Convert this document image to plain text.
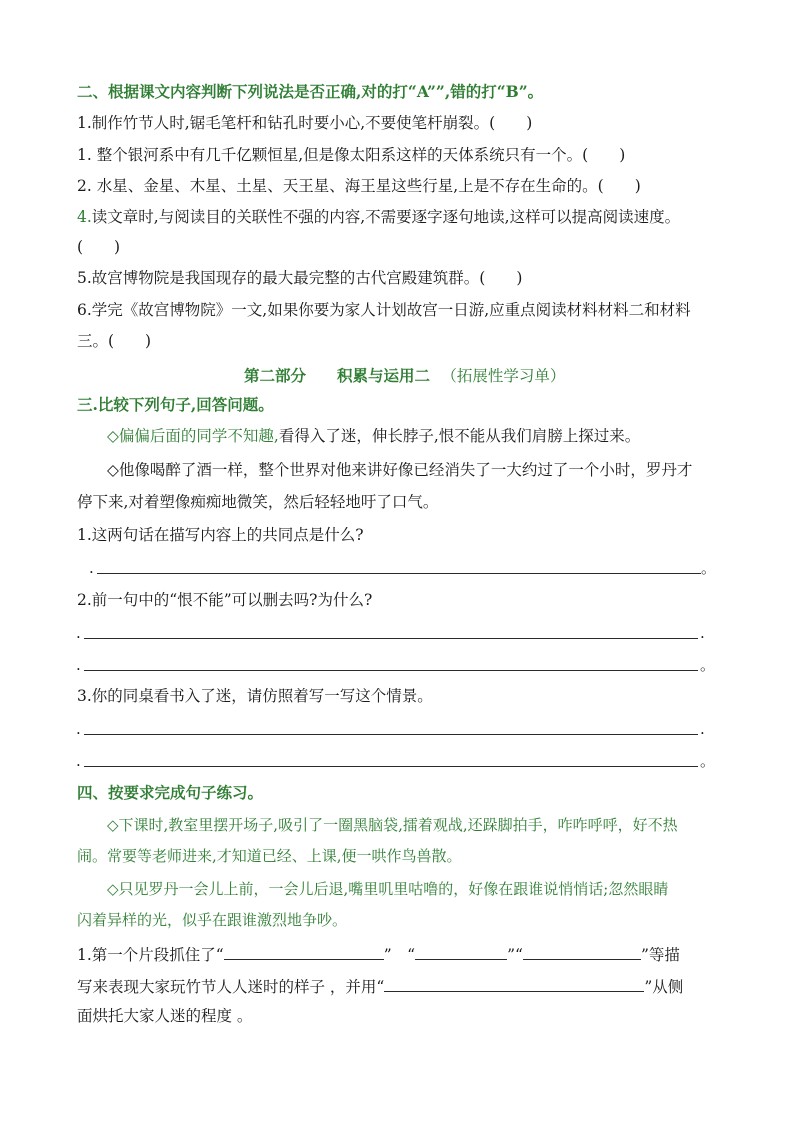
二、根据课文内容判断下列说法是否正确,对的打“A””,错的打“B”。
1.制作竹节人时,锯毛笔杆和钻孔时要小心,不要使笔杆崩裂。(　　)
1. 整个银河系中有几千亿颗恒星,但是像太阳系这样的天体系统只有一个。(　　)
2. 水星、金星、木星、土星、天王星、海王星这些行星,上是不存在生命的。(　　)
4.读文章时,与阅读目的关联性不强的内容,不需要逐字逐句地读,这样可以提高阅读速度。
(　　)
5.故宫博物院是我国现存的最大最完整的古代宫殿建筑群。(　　)
6.学完《故宫博物院》一文,如果你要为家人计划故宫一日游,应重点阅读材料材料二和材料
三。(　　)
第二部分　　积累与运用二 （拓展性学习单）
三.比较下列句子,回答问题。
◇偏偏后面的同学不知趣,看得入了迷，伸长脖子,恨不能从我们肩膀上探过来。
◇他像喝醉了酒一样，整个世界对他来讲好像已经消失了一大约过了一个小时，罗丹才
停下来,对着塑像痴痴地微笑，然后轻轻地吁了口气。
1.这两句话在描写内容上的共同点是什么?
.	。
2.前一句中的“恨不能”可以删去吗?为什么?
.	.
.	。
3.你的同桌看书入了迷，请仿照着写一写这个情景。
.	.
.	。
四、按要求完成句子练习。
◇下课时,教室里摆开场子,吸引了一圈黑脑袋,擂着观战,还跺脚拍手，咋咋呼呼，好不热
闹。常要等老师进来,才知道已经、上课,便一哄作鸟兽散。
◇只见罗丹一会儿上前，一会儿后退,嘴里叽里咕噜的，好像在跟谁说悄悄话;忽然眼睛
闪着异样的光，似乎在跟谁激烈地争吵。
1.第一个片段抓住了“	”　“	”“	”等描
写来表现大家玩竹节人人迷时的样子 ，并用“	”从侧
面烘托大家人迷的程度 。
